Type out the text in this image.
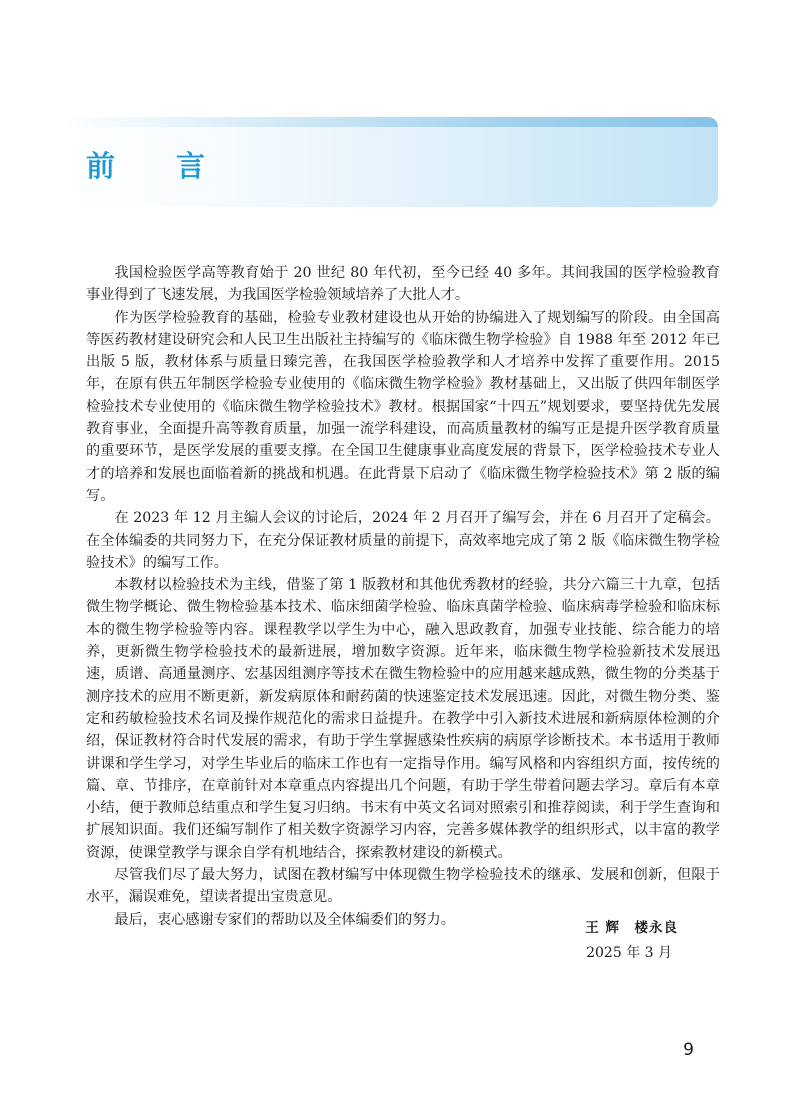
前　言

我国检验医学高等教育始于 20 世纪 80 年代初，至今已经 40 多年。其间我国的医学检验教育事业得到了飞速发展，为我国医学检验领域培养了大批人才。

作为医学检验教育的基础，检验专业教材建设也从开始的协编进入了规划编写的阶段。由全国高等医药教材建设研究会和人民卫生出版社主持编写的《临床微生物学检验》自 1988 年至 2012 年已出版 5 版，教材体系与质量日臻完善，在我国医学检验教学和人才培养中发挥了重要作用。2015 年，在原有供五年制医学检验专业使用的《临床微生物学检验》教材基础上，又出版了供四年制医学检验技术专业使用的《临床微生物学检验技术》教材。根据国家“十四五”规划要求，要坚持优先发展教育事业，全面提升高等教育质量，加强一流学科建设，而高质量教材的编写正是提升医学教育质量的重要环节，是医学发展的重要支撑。在全国卫生健康事业高度发展的背景下，医学检验技术专业人才的培养和发展也面临着新的挑战和机遇。在此背景下启动了《临床微生物学检验技术》第 2 版的编写。

在 2023 年 12 月主编人会议的讨论后，2024 年 2 月召开了编写会，并在 6 月召开了定稿会。在全体编委的共同努力下，在充分保证教材质量的前提下，高效率地完成了第 2 版《临床微生物学检验技术》的编写工作。

本教材以检验技术为主线，借鉴了第 1 版教材和其他优秀教材的经验，共分六篇三十九章，包括微生物学概论、微生物检验基本技术、临床细菌学检验、临床真菌学检验、临床病毒学检验和临床标本的微生物学检验等内容。课程教学以学生为中心，融入思政教育，加强专业技能、综合能力的培养，更新微生物学检验技术的最新进展，增加数字资源。近年来，临床微生物学检验新技术发展迅速，质谱、高通量测序、宏基因组测序等技术在微生物检验中的应用越来越成熟，微生物的分类基于测序技术的应用不断更新，新发病原体和耐药菌的快速鉴定技术发展迅速。因此，对微生物分类、鉴定和药敏检验技术名词及操作规范化的需求日益提升。在教学中引入新技术进展和新病原体检测的介绍，保证教材符合时代发展的需求，有助于学生掌握感染性疾病的病原学诊断技术。本书适用于教师讲课和学生学习，对学生毕业后的临床工作也有一定指导作用。编写风格和内容组织方面，按传统的篇、章、节排序，在章前针对本章重点内容提出几个问题，有助于学生带着问题去学习。章后有本章小结，便于教师总结重点和学生复习归纳。书末有中英文名词对照索引和推荐阅读，利于学生查询和扩展知识面。我们还编写制作了相关数字资源学习内容，完善多媒体教学的组织形式，以丰富的教学资源，使课堂教学与课余自学有机地结合，探索教材建设的新模式。

尽管我们尽了最大努力，试图在教材编写中体现微生物学检验技术的继承、发展和创新，但限于水平，漏误难免，望读者提出宝贵意见。

最后，衷心感谢专家们的帮助以及全体编委们的努力。

王 辉　楼永良
2025 年 3 月
9
